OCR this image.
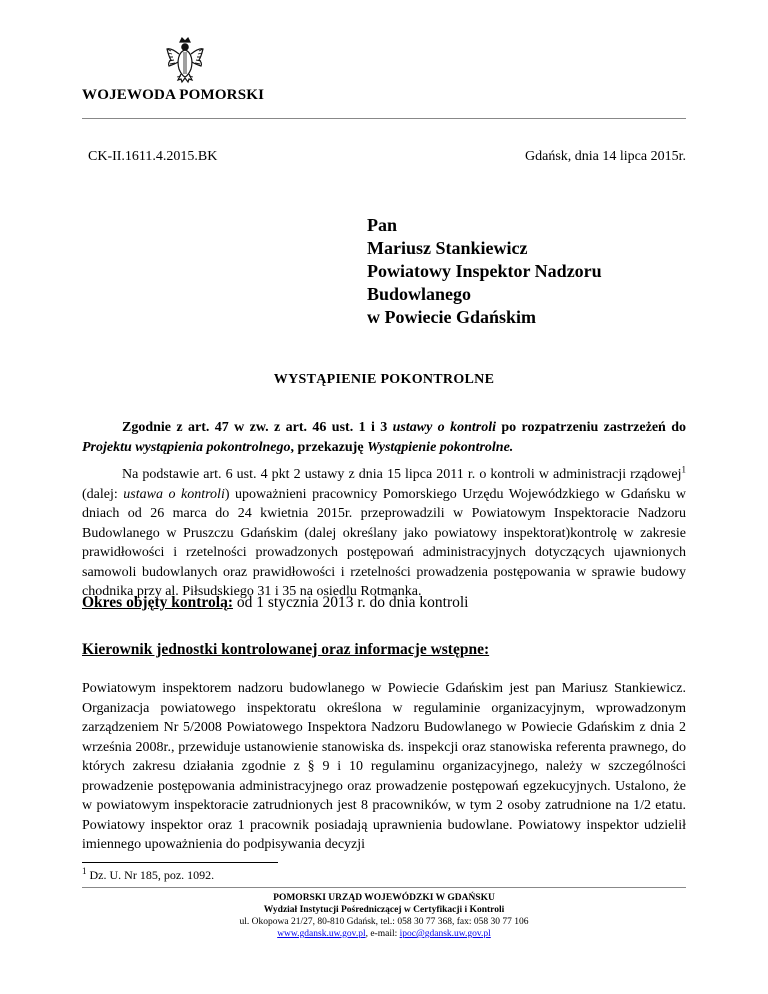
WOJEWODA POMORSKI
CK-II.1611.4.2015.BK	Gdańsk, dnia 14 lipca 2015r.
Pan
Mariusz Stankiewicz
Powiatowy Inspektor Nadzoru
Budowlanego
w Powiecie Gdańskim
WYSTĄPIENIE POKONTROLNE
Zgodnie z art. 47 w zw. z art. 46 ust. 1 i 3 ustawy o kontroli po rozpatrzeniu zastrzeżeń do Projektu wystąpienia pokontrolnego, przekazuję Wystąpienie pokontrolne.
Na podstawie art. 6 ust. 4 pkt 2 ustawy z dnia 15 lipca 2011 r. o kontroli w administracji rządowej$^1$ (dalej: ustawa o kontroli) upoważnieni pracownicy Pomorskiego Urzędu Wojewódzkiego w Gdańsku w dniach od 26 marca do 24 kwietnia 2015r. przeprowadzili w Powiatowym Inspektoracie Nadzoru Budowlanego w Pruszczu Gdańskim (dalej określany jako powiatowy inspektorat)kontrolę w zakresie prawidłowości i rzetelności prowadzonych postępowań administracyjnych dotyczących ujawnionych samowoli budowlanych oraz prawidłowości i rzetelności prowadzenia postępowania w sprawie budowy chodnika przy al. Piłsudskiego 31 i 35 na osiedlu Rotmanka.
Okres objęty kontrolą: od 1 stycznia 2013 r. do dnia kontroli
Kierownik jednostki kontrolowanej oraz informacje wstępne:
Powiatowym inspektorem nadzoru budowlanego w Powiecie Gdańskim jest pan Mariusz Stankiewicz. Organizacja powiatowego inspektoratu określona w regulaminie organizacyjnym, wprowadzonym zarządzeniem Nr 5/2008 Powiatowego Inspektora Nadzoru Budowlanego w Powiecie Gdańskim z dnia 2 września 2008r., przewiduje ustanowienie stanowiska ds. inspekcji oraz stanowiska referenta prawnego, do których zakresu działania zgodnie z § 9 i 10 regulaminu organizacyjnego, należy w szczególności prowadzenie postępowania administracyjnego oraz prowadzenie postępowań egzekucyjnych. Ustalono, że w powiatowym inspektoracie zatrudnionych jest 8 pracowników, w tym 2 osoby zatrudnione na 1/2 etatu. Powiatowy inspektor oraz 1 pracownik posiadają uprawnienia budowlane. Powiatowy inspektor udzielił imiennego upoważnienia do podpisywania decyzji
$^1$ Dz. U. Nr 185, poz. 1092.
POMORSKI URZĄD WOJEWÓDZKI W GDAŃSKU
Wydział Instytucji Pośredniczącej w Certyfikacji i Kontroli
ul. Okopowa 21/27, 80-810 Gdańsk, tel.: 058 30 77 368, fax: 058 30 77 106
www.gdansk.uw.gov.pl, e-mail: ipoc@gdansk.uw.gov.pl
